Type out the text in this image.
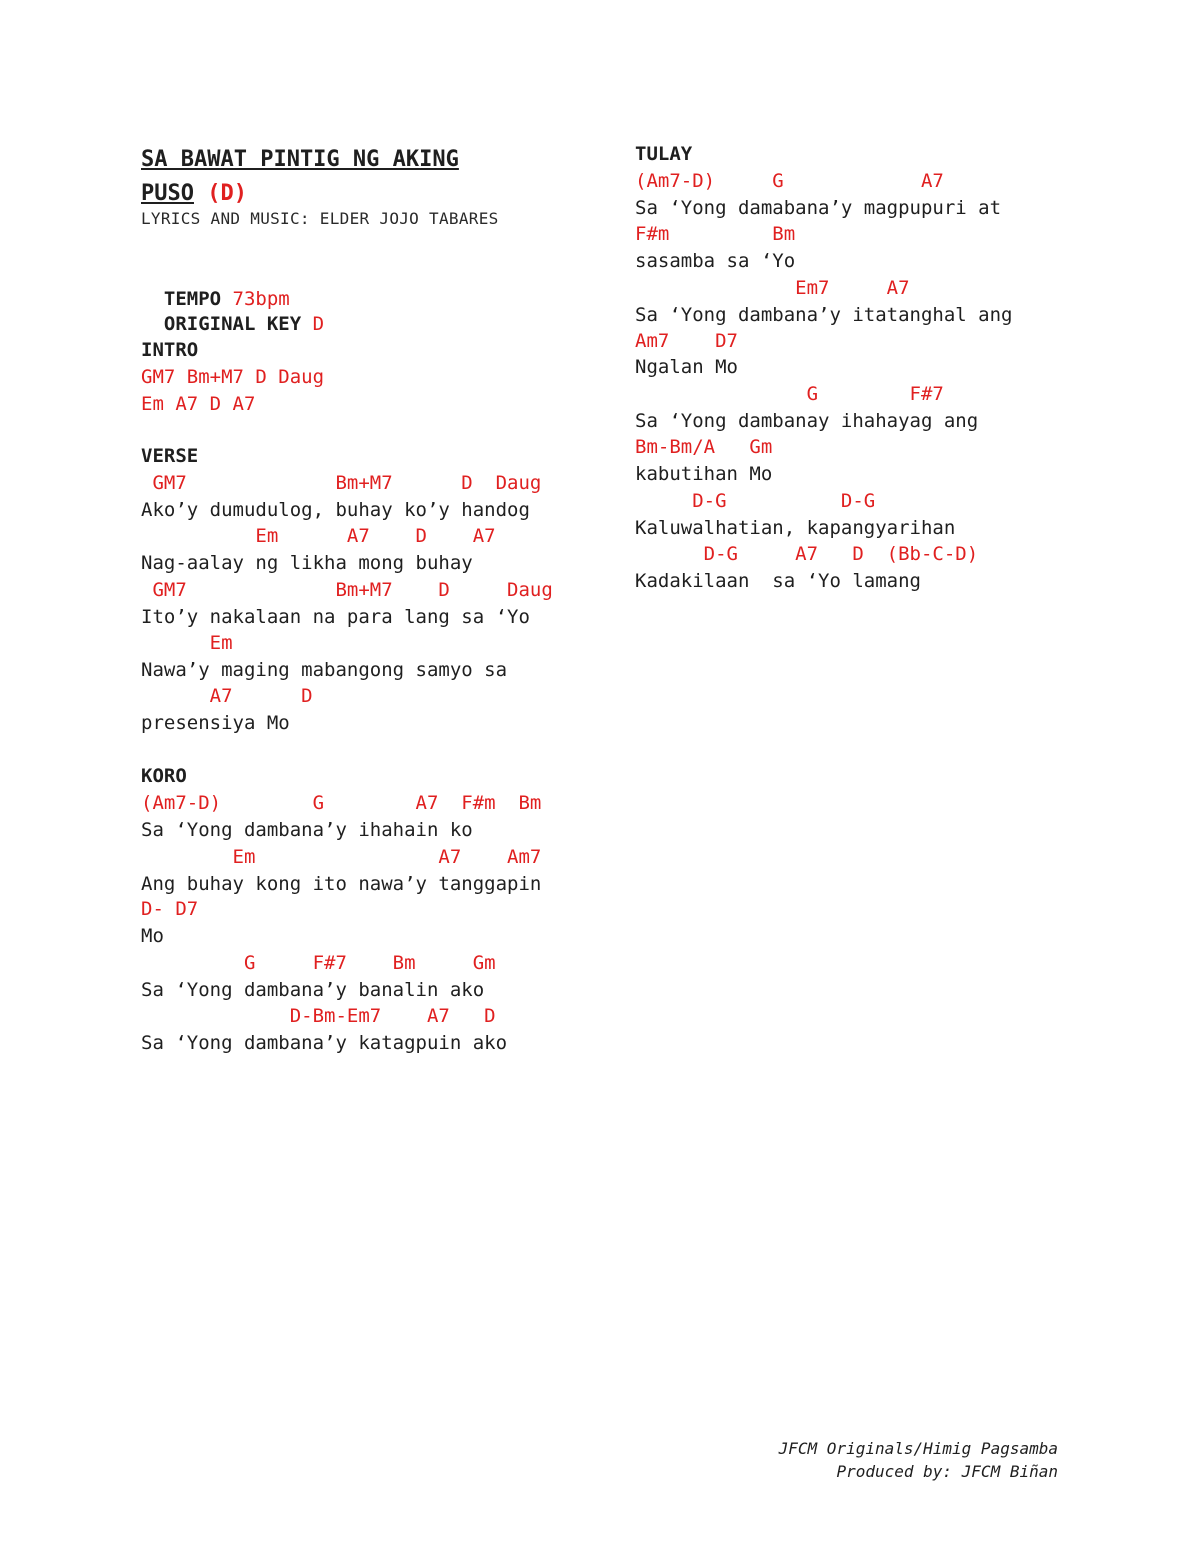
SA BAWAT PINTIG NG AKING
PUSO (D)
LYRICS AND MUSIC: ELDER JOJO TABARES

TEMPO 73bpm

ORIGINAL KEY D

INTRO
GM7 Bm+M7 D Daug
Em A7 D A7
VERSE
GM7             Bm+M7      D  Daug
Ako’y dumudulog, buhay ko’y handog
Em      A7    D    A7
Nag-aalay ng likha mong buhay
GM7             Bm+M7    D     Daug
Ito’y nakalaan na para lang sa ‘Yo
Em
Nawa’y maging mabangong samyo sa
A7      D
presensiya Mo
KORO
(Am7-D)        G        A7  F#m  Bm
Sa ‘Yong dambana’y ihahain ko
Em                A7    Am7
Ang buhay kong ito nawa’y tanggapin
D- D7
Mo
G     F#7    Bm     Gm
Sa ‘Yong dambana’y banalin ako
D-Bm-Em7    A7   D
Sa ‘Yong dambana’y katagpuin ako
TULAY
(Am7-D)     G            A7
Sa ‘Yong damabana’y magpupuri at
F#m         Bm
sasamba sa ‘Yo
Em7     A7
Sa ‘Yong dambana’y itatanghal ang
Am7    D7
Ngalan Mo
G        F#7
Sa ‘Yong dambanay ihahayag ang
Bm-Bm/A   Gm
kabutihan Mo
D-G          D-G
Kaluwalhatian, kapangyarihan
D-G     A7   D  (Bb-C-D)
Kadakilaan  sa ‘Yo lamang
JFCM Originals/Himig Pagsamba
Produced by: JFCM Biñan
